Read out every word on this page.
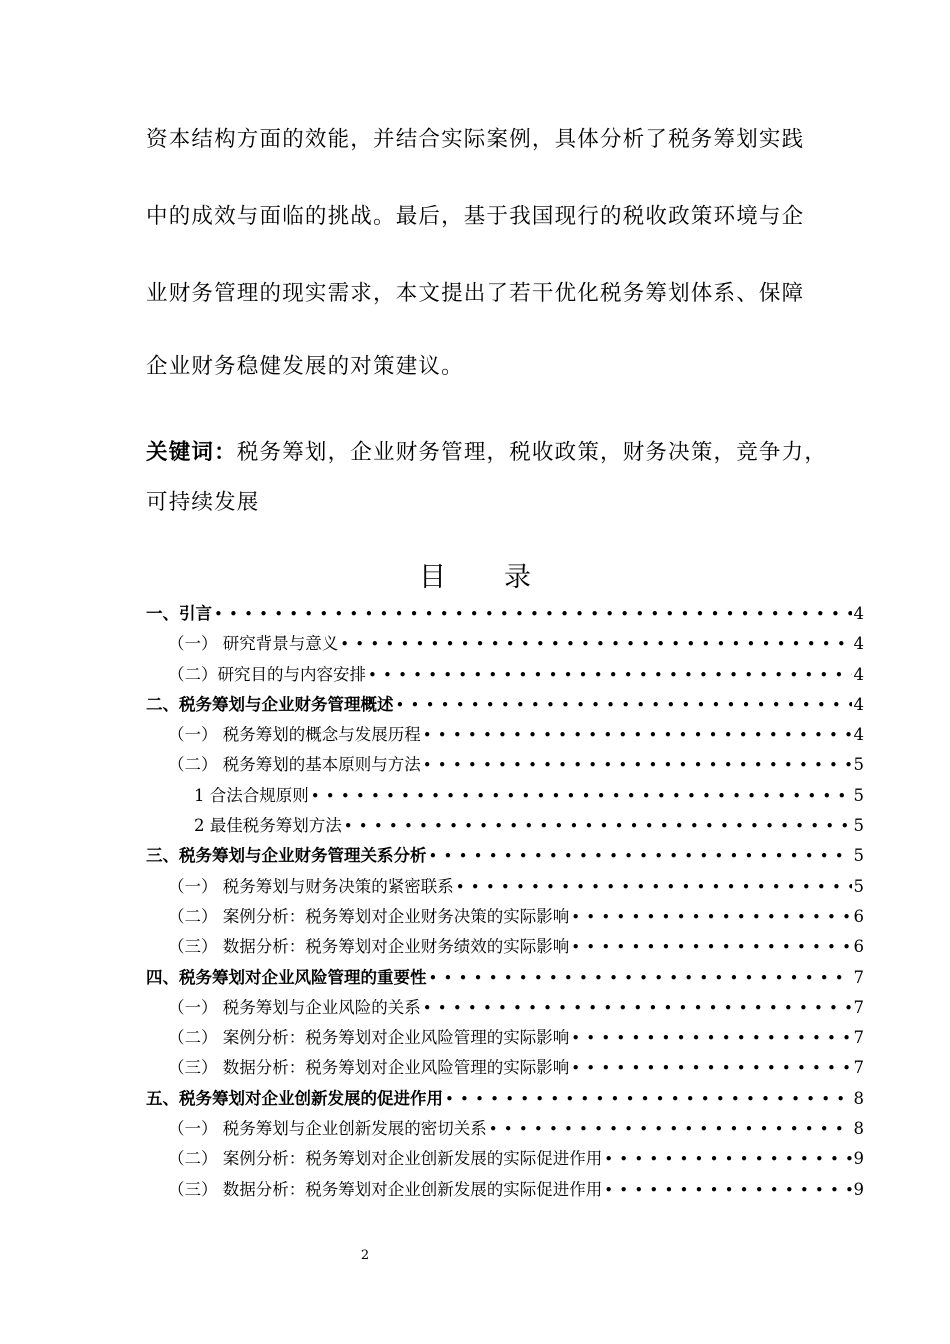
资本结构方面的效能，并结合实际案例，具体分析了税务筹划实践

中的成效与面临的挑战。最后，基于我国现行的税收政策环境与企

业财务管理的现实需求，本文提出了若干优化税务筹划体系、保障

企业财务稳健发展的对策建议。

关键词：税务筹划，企业财务管理，税收政策，财务决策，竞争力，

可持续发展

目录
一、引言 •••••	4
（一） 研究背景与意义 •••••	4
（二）研究目的与内容安排 •••••	4
二、税务筹划与企业财务管理概述 •••••	4
（一） 税务筹划的概念与发展历程 •••••	4
（二） 税务筹划的基本原则与方法 •••••	5
1 合法合规原则 •••••	5
2 最佳税务筹划方法 •••••	5
三、税务筹划与企业财务管理关系分析 •••••	5
（一） 税务筹划与财务决策的紧密联系 •••••	5
（二） 案例分析：税务筹划对企业财务决策的实际影响 •••••	6
（三） 数据分析：税务筹划对企业财务绩效的实际影响 •••••	6
四、税务筹划对企业风险管理的重要性 •••••	7
（一） 税务筹划与企业风险的关系 •••••	7
（二） 案例分析：税务筹划对企业风险管理的实际影响 •••••	7
（三） 数据分析：税务筹划对企业风险管理的实际影响 •••••	7
五、税务筹划对企业创新发展的促进作用 •••••	8
（一） 税务筹划与企业创新发展的密切关系 •••••	8
（二） 案例分析：税务筹划对企业创新发展的实际促进作用 •••••	9
（三） 数据分析：税务筹划对企业创新发展的实际促进作用 •••••	9

2
